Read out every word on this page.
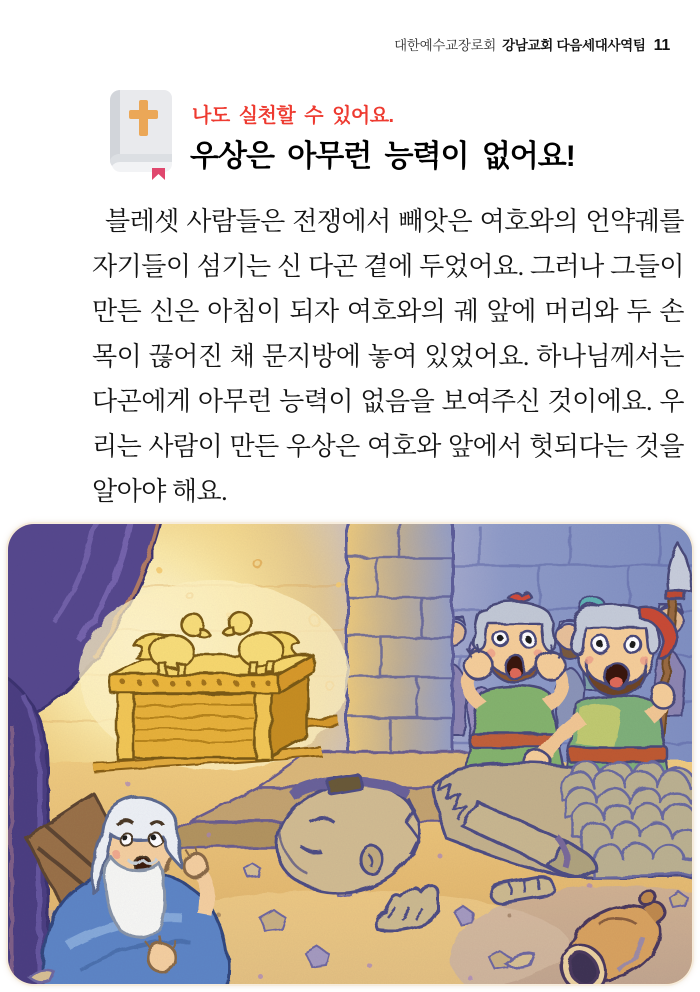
대한예수교장로회 강남교회 다음세대사역팀 11
나도 실천할 수 있어요.
우상은 아무런 능력이 없어요!
블레셋 사람들은 전쟁에서 빼앗은 여호와의 언약궤를
자기들이 섬기는 신 다곤 곁에 두었어요. 그러나 그들이
만든 신은 아침이 되자 여호와의 궤 앞에 머리와 두 손
목이 끊어진 채 문지방에 놓여 있었어요. 하나님께서는
다곤에게 아무런 능력이 없음을 보여주신 것이에요. 우
리는 사람이 만든 우상은 여호와 앞에서 헛되다는 것을
알아야 해요.
